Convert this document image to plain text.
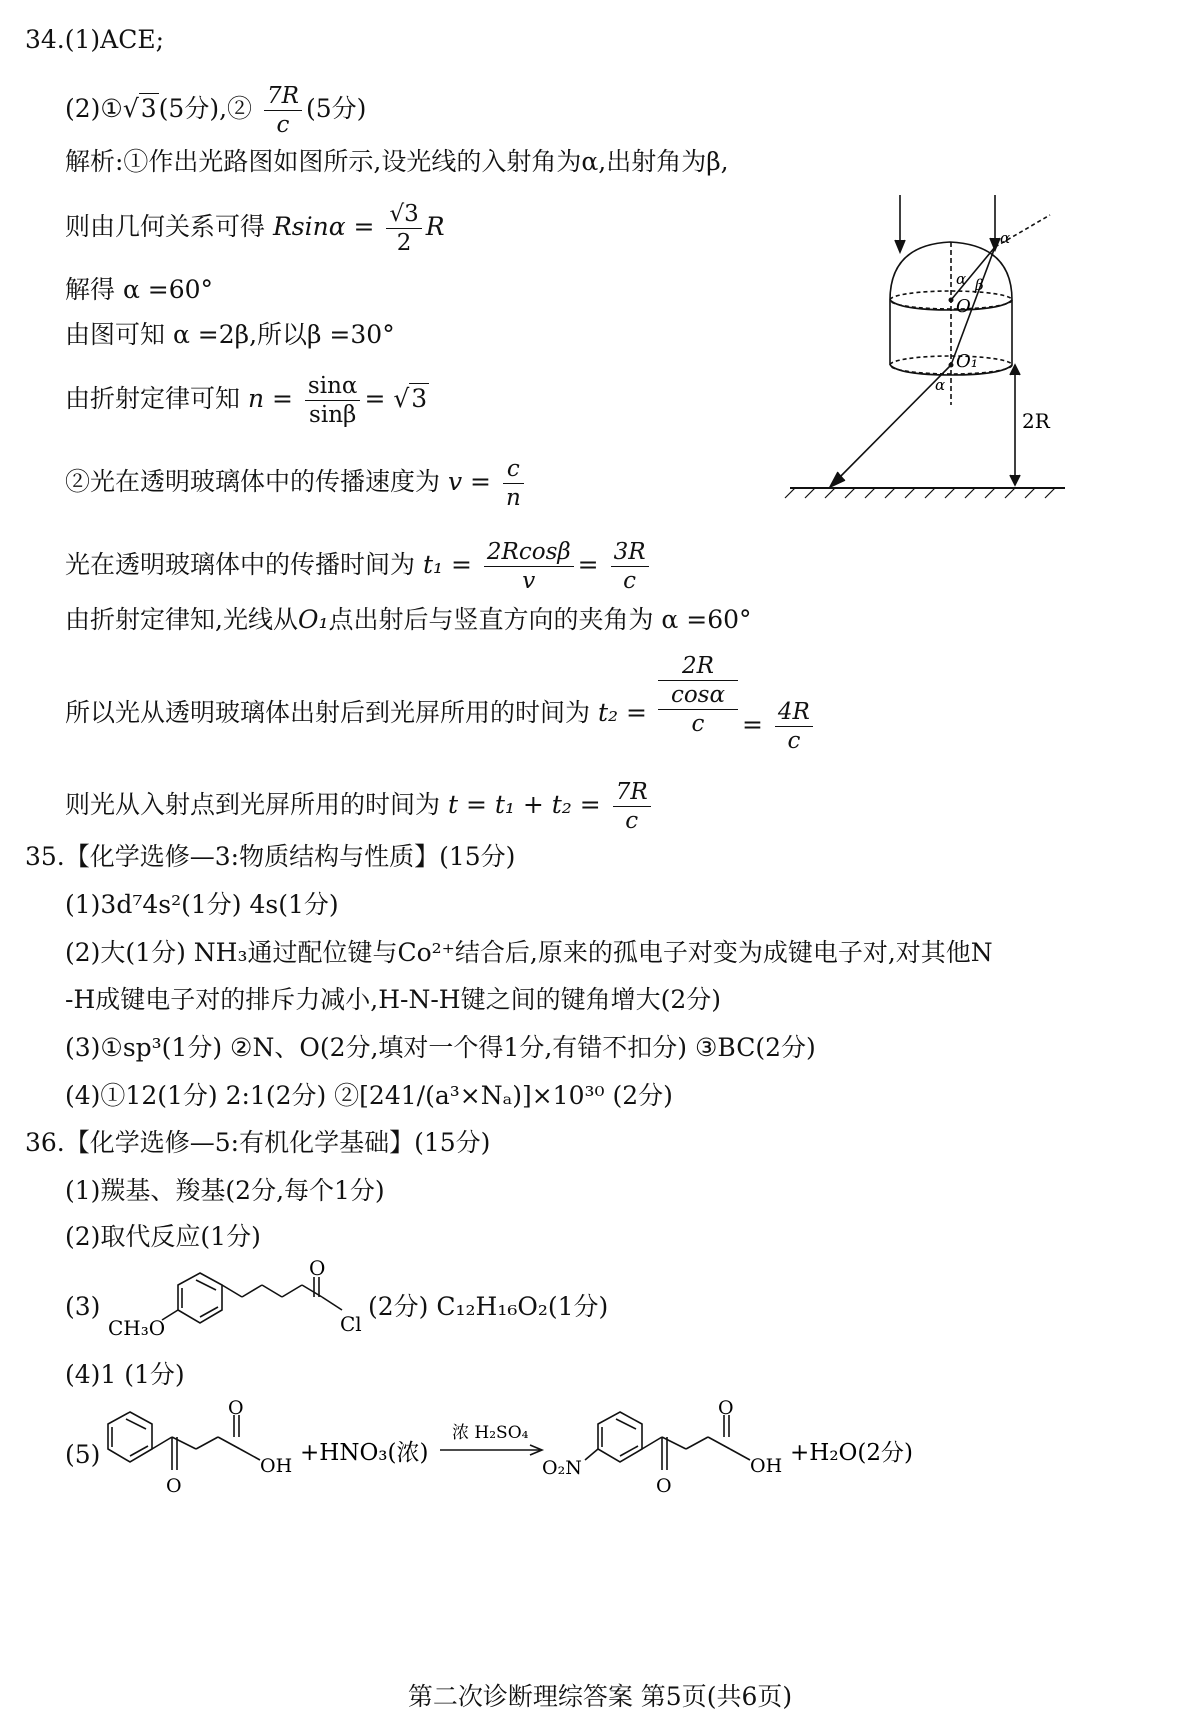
34.(1)ACE;
(2)①√3(5分),② $\frac{7R}{c} (5$分)
解析:①作出光路图如图所示,设光线的入射角为α,出射角为β,
则由几何关系可得 $Rsin\alpha = \frac{√3}{2}$ R
解得 α =60°
由图可知 α =2β,所以β =30°
由折射定律可知 $n = \frac{\sin\alpha}{\sin\beta} = √3$
②光在透明玻璃体中的传播速度为 $v = \frac{c}{n}$
光在透明玻璃体中的传播时间为 $t_1 = \frac{2Rcos\beta}{v} = \frac{3R}{c}$
由折射定律知,光线从O₁点出射后与竖直方向的夹角为 α =60°
所以光从透明玻璃体出射后到光屏所用的时间为 t₂ =
2R
cosα
c	= $\frac{4R}{c}$
则光从入射点到光屏所用的时间为 $t = t_1 + t_2 = \frac{7R}{c}$
2R
α
α β
O
O₁
α
35.【化学选修—3:物质结构与性质】(15分)
(1)3d⁷4s²(1分) 4s(1分)
(2)大(1分) NH₃通过配位键与Co²⁺结合后,原来的孤电子对变为成键电子对,对其他N
-H成键电子对的排斥力减小,H-N-H键之间的键角增大(2分)
(3)①sp³(1分) ②N、O(2分,填对一个得1分,有错不扣分) ③BC(2分)
(4)①12(1分) 2:1(2分) ②[241/(a³×Nₐ)]×10³⁰ (2分)
36.【化学选修—5:有机化学基础】(15分)
(1)羰基、羧基(2分,每个1分)
(2)取代反应(1分)
(3)
CH₃O
O
Cl
(2分) C₁₂H₁₆O₂(1分)
(4)1 (1分)
(5)
O
O
OH +HNO₃(浓)
浓 H₂SO₄
O₂N
O
O
OH +H₂O(2分)
第二次诊断理综答案 第5页(共6页)
